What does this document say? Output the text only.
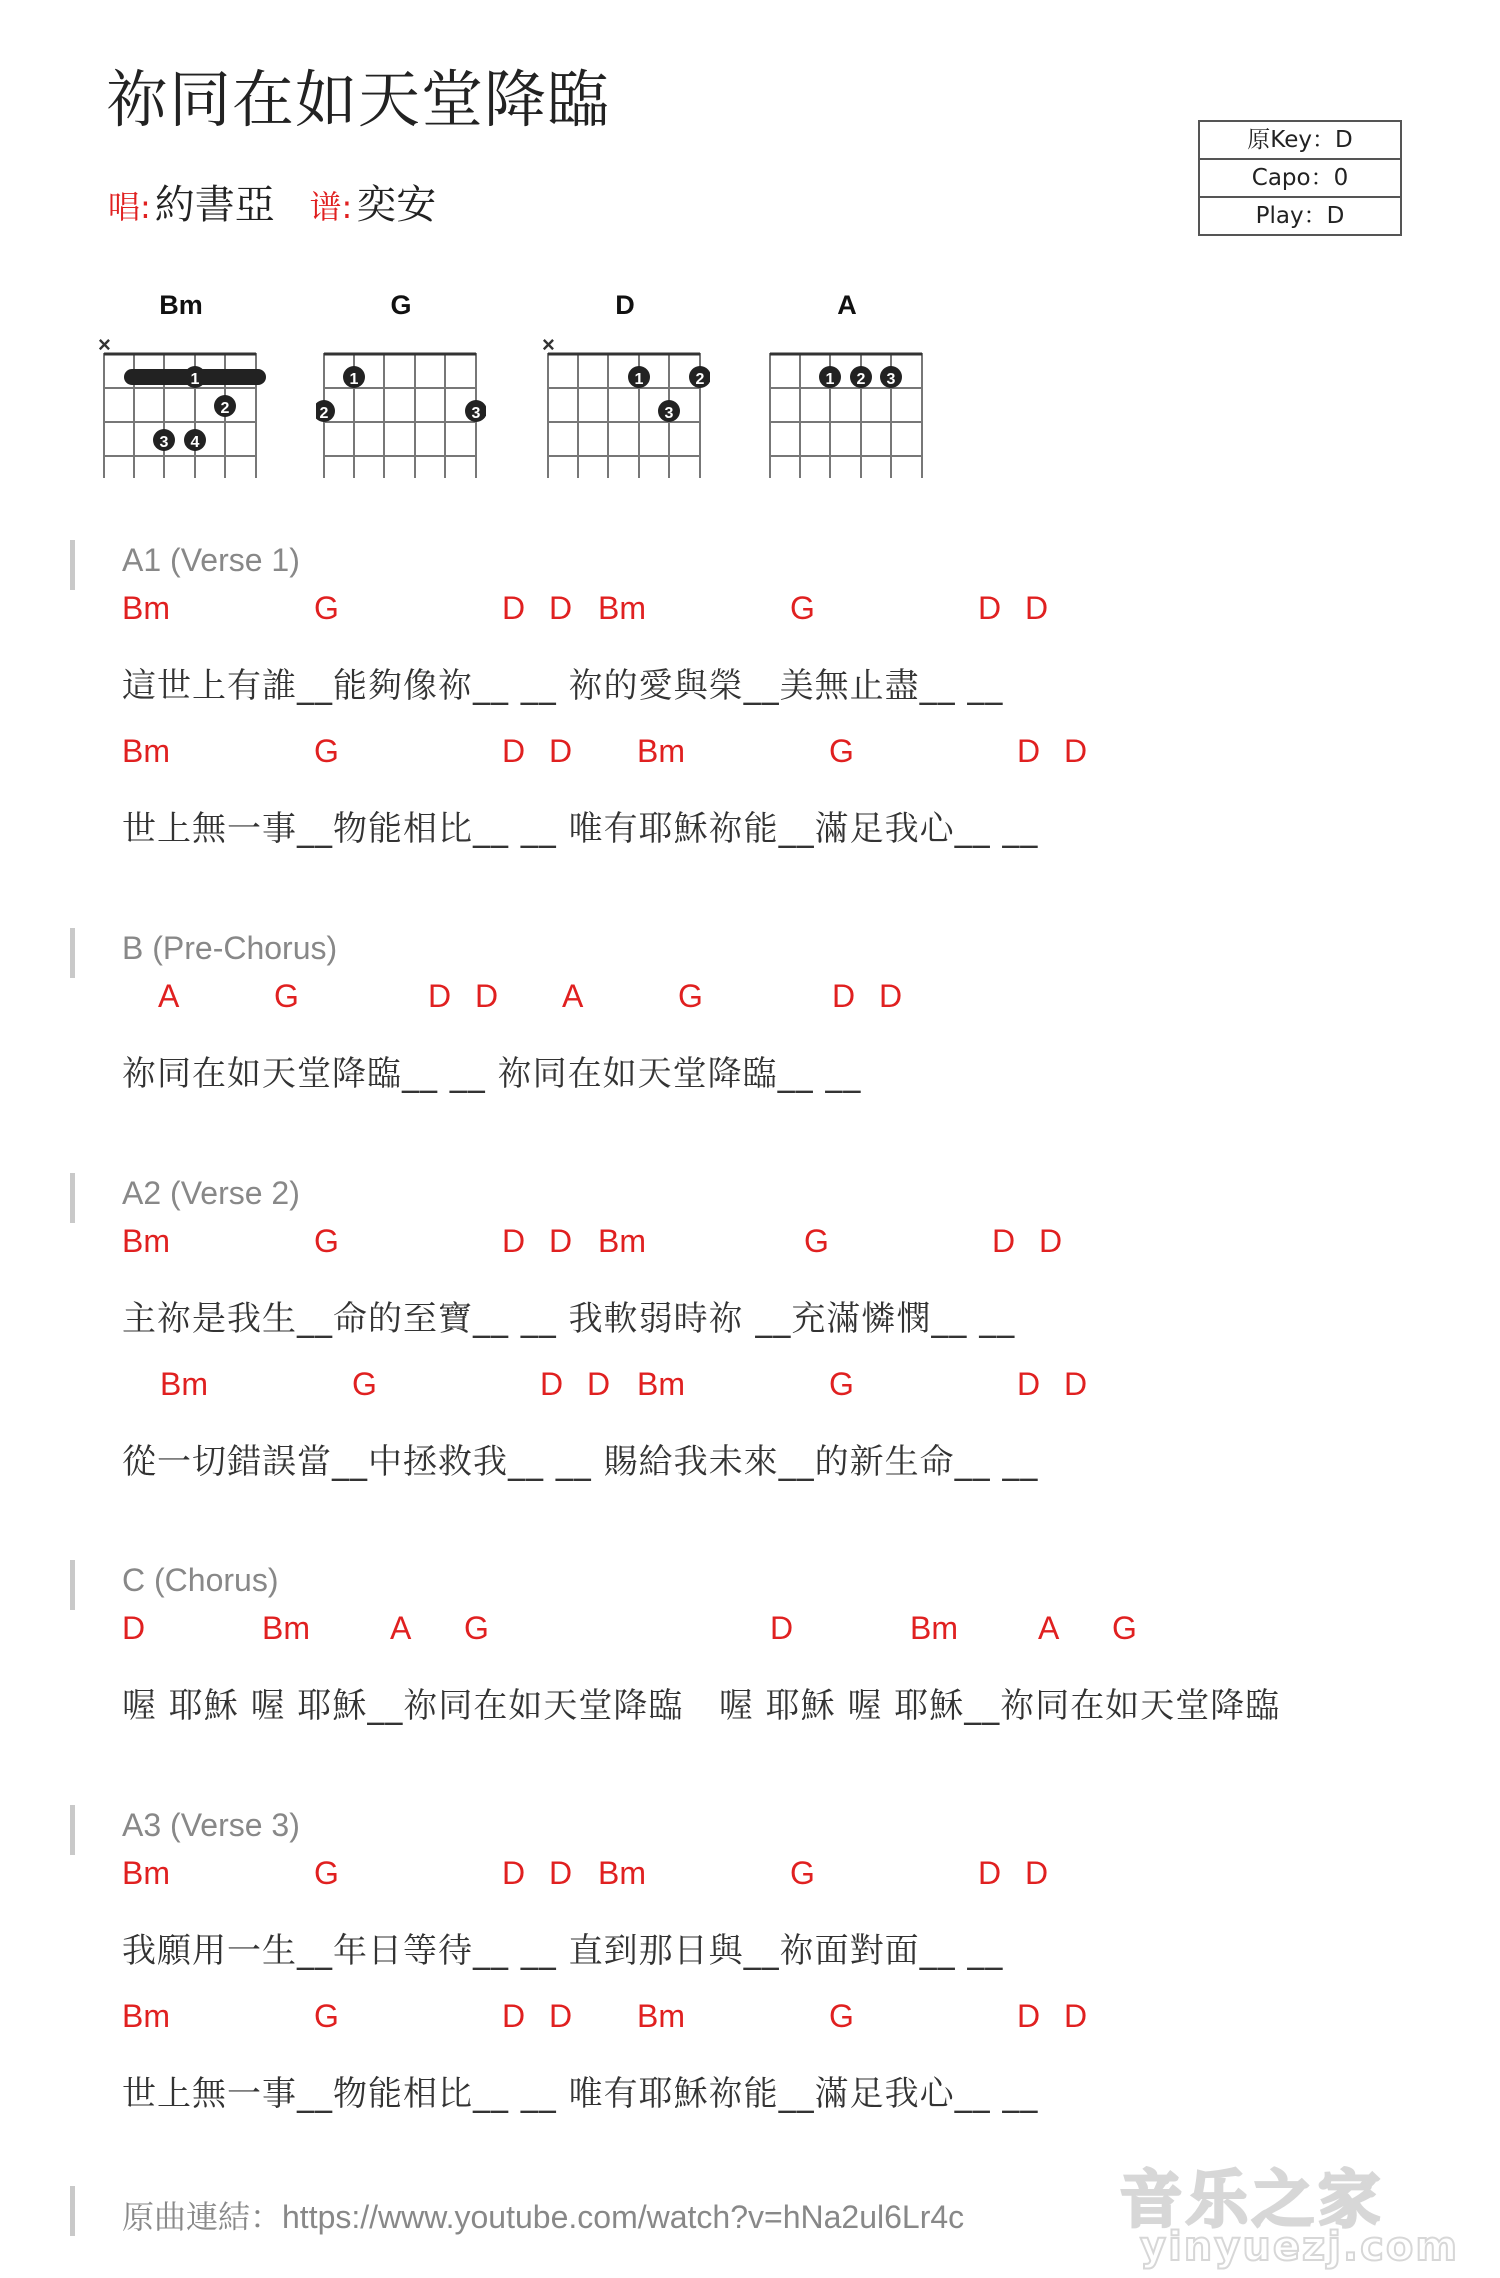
祢同在如天堂降臨
唱: 約書亞 谱: 奕安
原Key：D
Capo：0
Play：D
Bm
×
1
2
3 4
G
1
2	3
D
×
1	2
3
A
1 2 3
A1 (Verse 1)
Bm	G	D D Bm	G	D D
這世上有誰__能夠像祢__ __ 祢的愛與榮__美無止盡__ __
Bm	G	D D Bm	G	D D
世上無一事__物能相比__ __ 唯有耶穌祢能__滿足我心__ __
B (Pre-Chorus)
A	G	D D A	G	D D
祢同在如天堂降臨__ __ 祢同在如天堂降臨__ __
A2 (Verse 2)
Bm	G	D D Bm	G	D D
主祢是我生__命的至寶__ __ 我軟弱時祢 __充滿憐憫__ __
Bm	G	D D Bm	G	D D
從一切錯誤當__中拯救我__ __ 賜給我未來__的新生命__ __
C (Chorus)
D	Bm	A G	D	Bm	A G
喔 耶穌 喔 耶穌__祢同在如天堂降臨   喔 耶穌 喔 耶穌__祢同在如天堂降臨
A3 (Verse 3)
Bm	G	D D Bm	G	D D
我願用一生__年日等待__ __ 直到那日與__祢面對面__ __
Bm	G	D D Bm	G	D D
世上無一事__物能相比__ __ 唯有耶穌祢能__滿足我心__ __
原曲連結：https://www.youtube.com/watch?v=hNa2ul6Lr4c	音乐之家
yinyuezj.com
